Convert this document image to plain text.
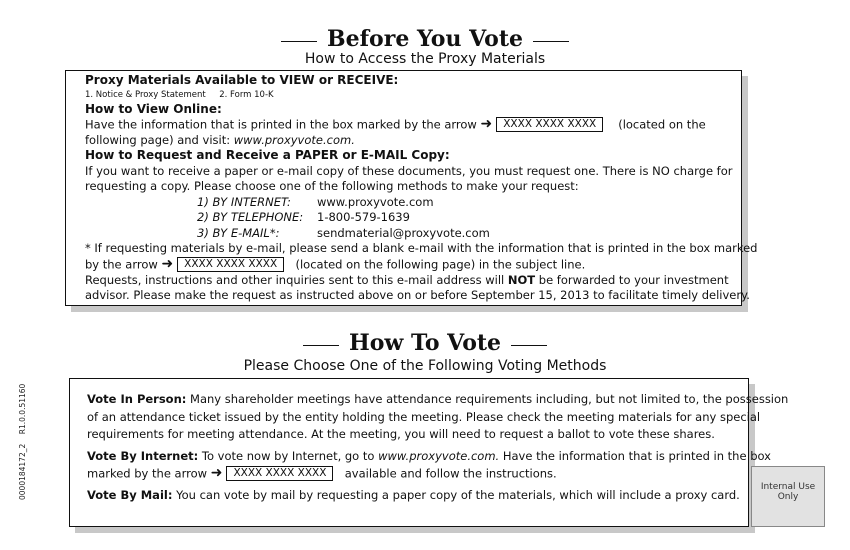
Before You Vote
How to Access the Proxy Materials
Proxy Materials Available to VIEW or RECEIVE:
1. Notice & Proxy Statement     2. Form 10-K
How to View Online:
Have the information that is printed in the box marked by the arrow ➜ XXXX XXXX XXXX (located on the
following page) and visit: www.proxyvote.com.
How to Request and Receive a PAPER or E-MAIL Copy:
If you want to receive a paper or e-mail copy of these documents, you must request one. There is NO charge for
requesting a copy. Please choose one of the following methods to make your request:
1) BY INTERNET: www.proxyvote.com
2) BY TELEPHONE: 1-800-579-1639
3) BY E-MAIL*:	sendmaterial@proxyvote.com
* If requesting materials by e-mail, please send a blank e-mail with the information that is printed in the box marked
by the arrow ➜ XXXX XXXX XXXX (located on the following page) in the subject line.
Requests, instructions and other inquiries sent to this e-mail address will NOT be forwarded to your investment
advisor. Please make the request as instructed above on or before September 15, 2013 to facilitate timely delivery.
How To Vote
Please Choose One of the Following Voting Methods
Vote In Person: Many shareholder meetings have attendance requirements including, but not limited to, the possession
of an attendance ticket issued by the entity holding the meeting. Please check the meeting materials for any special
requirements for meeting attendance. At the meeting, you will need to request a ballot to vote these shares.
Vote By Internet: To vote now by Internet, go to www.proxyvote.com. Have the information that is printed in the box
marked by the arrow ➜ XXXX XXXX XXXX available and follow the instructions.
Vote By Mail: You can vote by mail by requesting a paper copy of the materials, which will include a proxy card.
Internal Use Only
0000184172_2    R1.0.0.51160
